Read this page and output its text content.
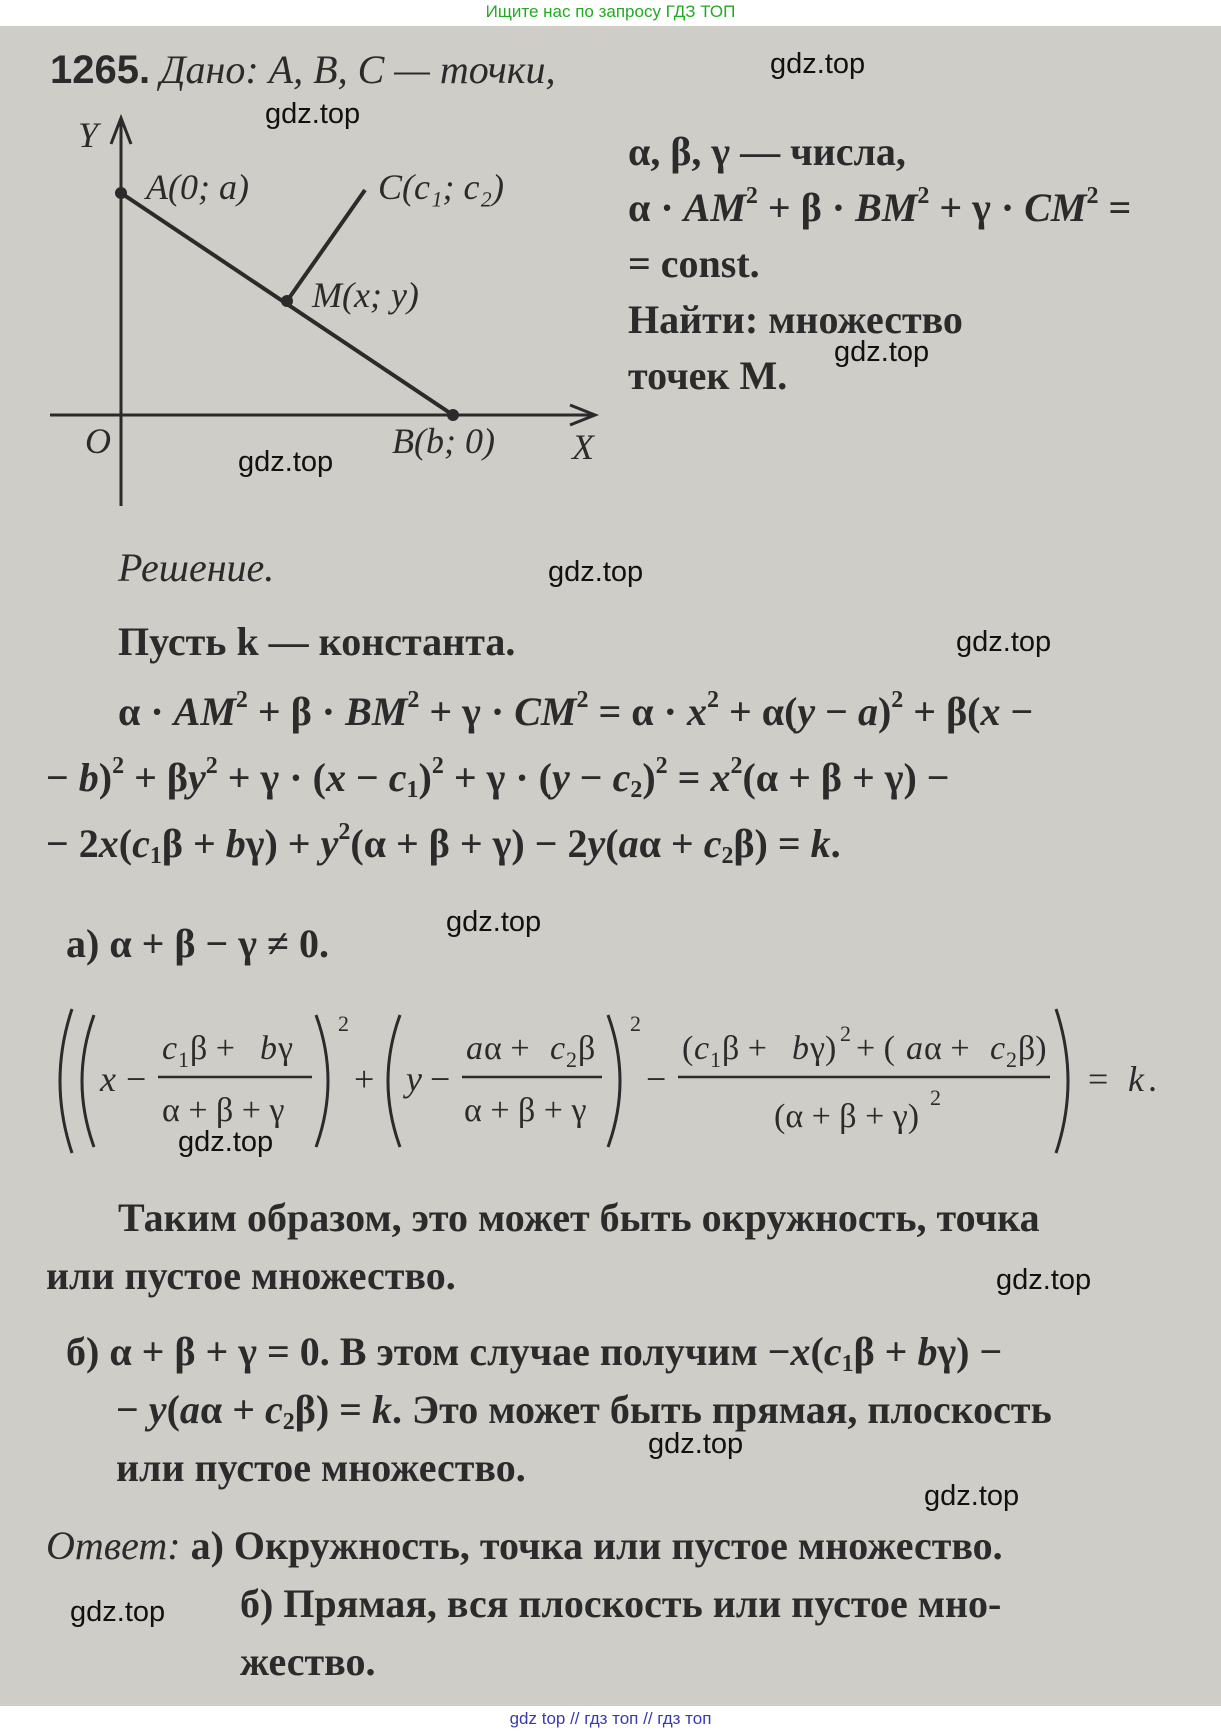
Ищите нас по запросу ГДЗ ТОП
1265. Дано: A, B, C — точки,
α, β, γ — числа,
$\alpha \cdot AM^2 + \beta \cdot BM^2 + \gamma \cdot CM^2$ =
= const.
Найти: множество
точек M.
Y
O	X
A(0; a)	C(c₁; c₂)
M(x; y)
B(b; 0)
Решение.
Пусть k — константа.
$\alpha \cdot AM^2 + \beta \cdot BM^2 + \gamma \cdot CM^2 = \alpha \cdot x^2 + \alpha(y - a)^2 + \beta(x$ −
− $b)^2 + \beta y^2 + \gamma \cdot (x - c_1)^2 + \gamma \cdot (y - c_2)^2 = x^2(\alpha + \beta + \gamma)$ −
− $2x(c_1\beta + b\gamma) + y^2(\alpha + \beta + \gamma) - 2y(a\alpha + c_2\beta) = k$.
а) α + β − γ ≠ 0.
x −
c 1 β + b γ
α + β + γ
2
+ y −
a α + c 2 β
α + β + γ
2
−
( c 1 β + b γ) 2 + ( a α + c 2 β)
(α + β + γ)
2	= k .
Таким образом, это может быть окружность, точка
или пустое множество.
б) α + β + γ = 0. В этом случае получим $-x(c_1\beta + b\gamma)$ −
− $y(a\alpha + c_2\beta) = k$. Это может быть прямая, плоскость
или пустое множество.
Ответ: а) Окружность, точка или пустое множество.
б) Прямая, вся плоскость или пустое мно-
жество.
gdz.top
gdz.top
gdz.top
gdz.top
gdz.top
gdz.top
gdz.top
gdz.top
gdz.top
gdz.top
gdz.top
gdz.top
gdz top // гдз топ // гдз топ
